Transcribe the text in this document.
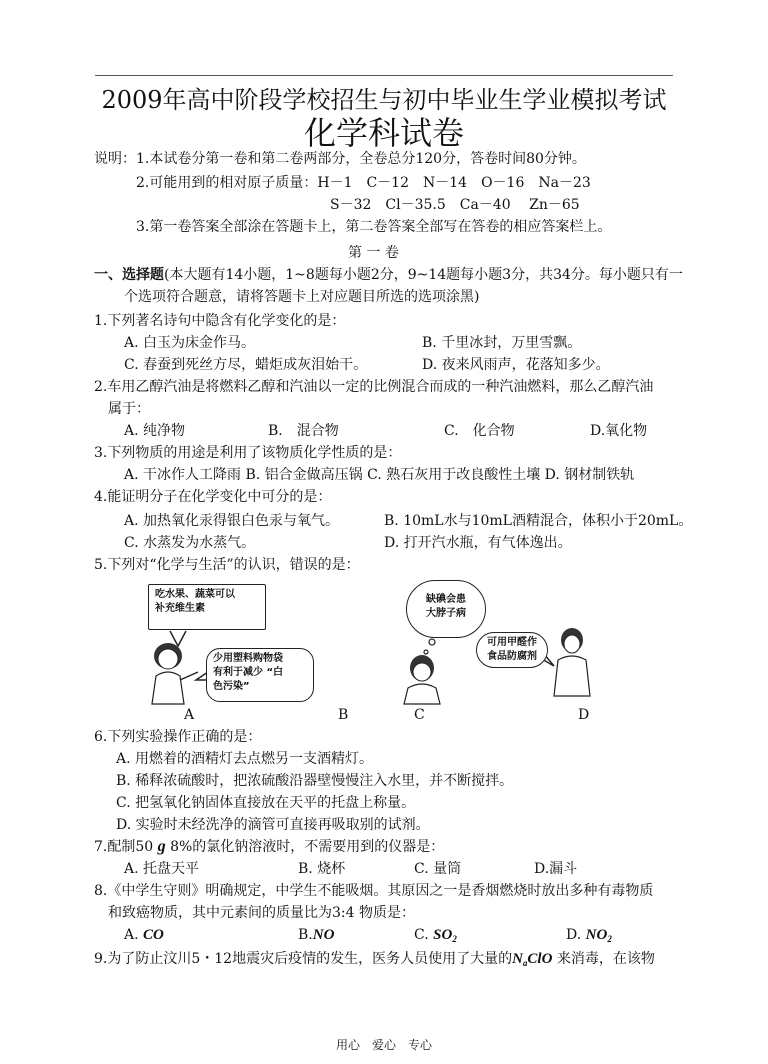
2009年高中阶段学校招生与初中毕业生学业模拟考试
化学科试卷
说明：1.本试卷分第一卷和第二卷两部分，全卷总分120分，答卷时间80分钟。
2.可能用到的相对原子质量：H－1　C－12　N－14　O－16　Na－23
S－32　Cl－35.5　Ca－40　 Zn－65
3.第一卷答案全部涂在答题卡上，第二卷答案全部写在答卷的相应答案栏上。
第 一 卷
一、选择题(本大题有14小题，1~8题每小题2分，9~14题每小题3分，共34分。每小题只有一
个选项符合题意，请将答题卡上对应题目所选的选项涂黑)
1.下列著名诗句中隐含有化学变化的是：
A. 白玉为床金作马。	B. 千里冰封，万里雪飘。
C. 春蚕到死丝方尽，蜡炬成灰泪始干。	D. 夜来风雨声，花落知多少。
2.车用乙醇汽油是将燃料乙醇和汽油以一定的比例混合而成的一种汽油燃料，那么乙醇汽油
属于：
A. 纯净物	B.　混合物	C.　化合物	D.氧化物
3.下列物质的用途是利用了该物质化学性质的是：
A. 干冰作人工降雨 B. 铝合金做高压锅 C. 熟石灰用于改良酸性土壤 D. 钢材制铁轨
4.能证明分子在化学变化中可分的是：
A. 加热氧化汞得银白色汞与氧气。	B. 10mL水与10mL酒精混合，体积小于20mL。
C. 水蒸发为水蒸气。	D. 打开汽水瓶，有气体逸出。
5.下列对“化学与生活”的认识，错误的是：
吃水果、蔬菜可以
补充维生素
少用塑料购物袋
有利于减少 “白
色污染”
缺碘会患
大脖子病
可用甲醛作
食品防腐剂
A	B	C	D
6.下列实验操作正确的是：
A. 用燃着的酒精灯去点燃另一支酒精灯。
B. 稀释浓硫酸时，把浓硫酸沿器壁慢慢注入水里，并不断搅拌。
C. 把氢氧化钠固体直接放在天平的托盘上称量。
D. 实验时未经洗净的滴管可直接再吸取别的试剂。
7.配制50 g 8%的氯化钠溶液时，不需要用到的仪器是：
A. 托盘天平	B. 烧杯	C. 量筒	D.漏斗
8.《中学生守则》明确规定，中学生不能吸烟。其原因之一是香烟燃烧时放出多种有毒物质
和致癌物质，其中元素间的质量比为3:4 物质是：
A. CO	B.NO	C. $SO_2$	D. $NO_2$
9.为了防止汶川5・12地震灾后疫情的发生，医务人员使用了大量的$N_aClO$ 来消毒，在该物
用心　爱心　专心
